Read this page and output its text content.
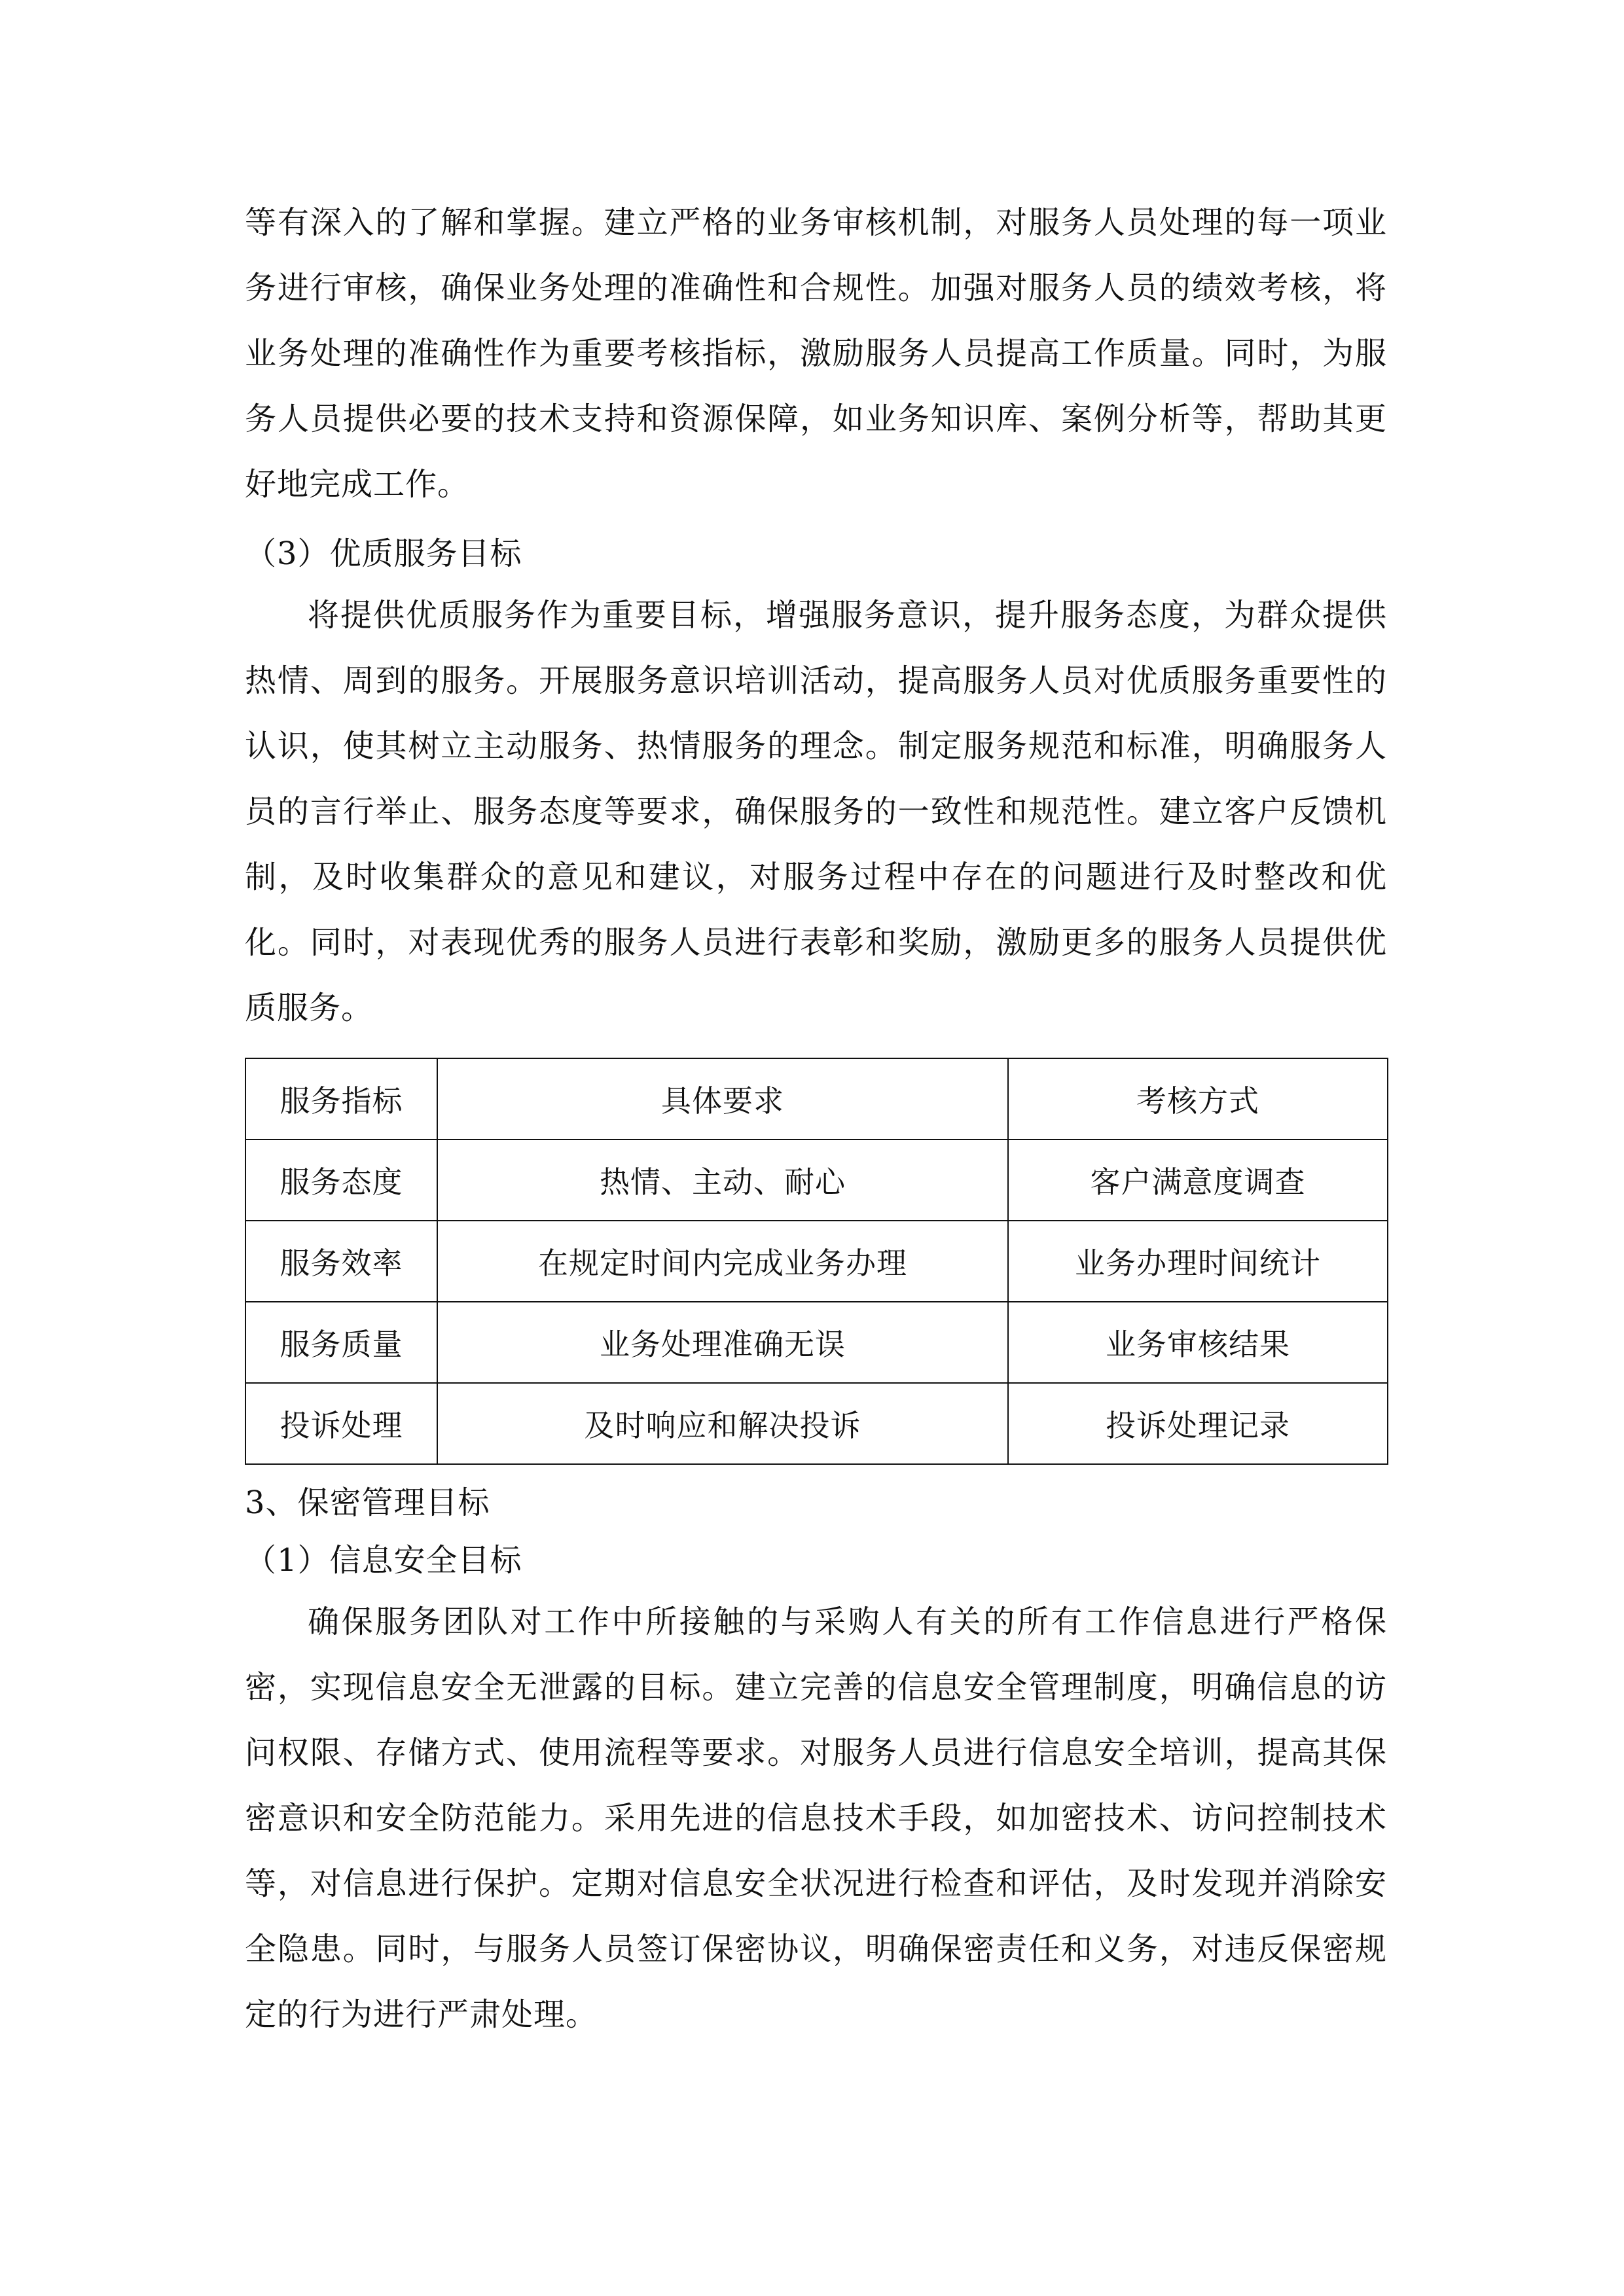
等有深入的了解和掌握。建立严格的业务审核机制，对服务人员处理的每一项业务进行审核，确保业务处理的准确性和合规性。加强对服务人员的绩效考核，将业务处理的准确性作为重要考核指标，激励服务人员提高工作质量。同时，为服务人员提供必要的技术支持和资源保障，如业务知识库、案例分析等，帮助其更好地完成工作。

（3）优质服务目标

将提供优质服务作为重要目标，增强服务意识，提升服务态度，为群众提供热情、周到的服务。开展服务意识培训活动，提高服务人员对优质服务重要性的认识，使其树立主动服务、热情服务的理念。制定服务规范和标准，明确服务人员的言行举止、服务态度等要求，确保服务的一致性和规范性。建立客户反馈机制，及时收集群众的意见和建议，对服务过程中存在的问题进行及时整改和优化。同时，对表现优秀的服务人员进行表彰和奖励，激励更多的服务人员提供优质服务。

服务指标	具体要求	考核方式
服务态度	热情、主动、耐心	客户满意度调查
服务效率	在规定时间内完成业务办理	业务办理时间统计
服务质量	业务处理准确无误	业务审核结果
投诉处理	及时响应和解决投诉	投诉处理记录

3、保密管理目标

（1）信息安全目标

确保服务团队对工作中所接触的与采购人有关的所有工作信息进行严格保密，实现信息安全无泄露的目标。建立完善的信息安全管理制度，明确信息的访问权限、存储方式、使用流程等要求。对服务人员进行信息安全培训，提高其保密意识和安全防范能力。采用先进的信息技术手段，如加密技术、访问控制技术等，对信息进行保护。定期对信息安全状况进行检查和评估，及时发现并消除安全隐患。同时，与服务人员签订保密协议，明确保密责任和义务，对违反保密规定的行为进行严肃处理。
